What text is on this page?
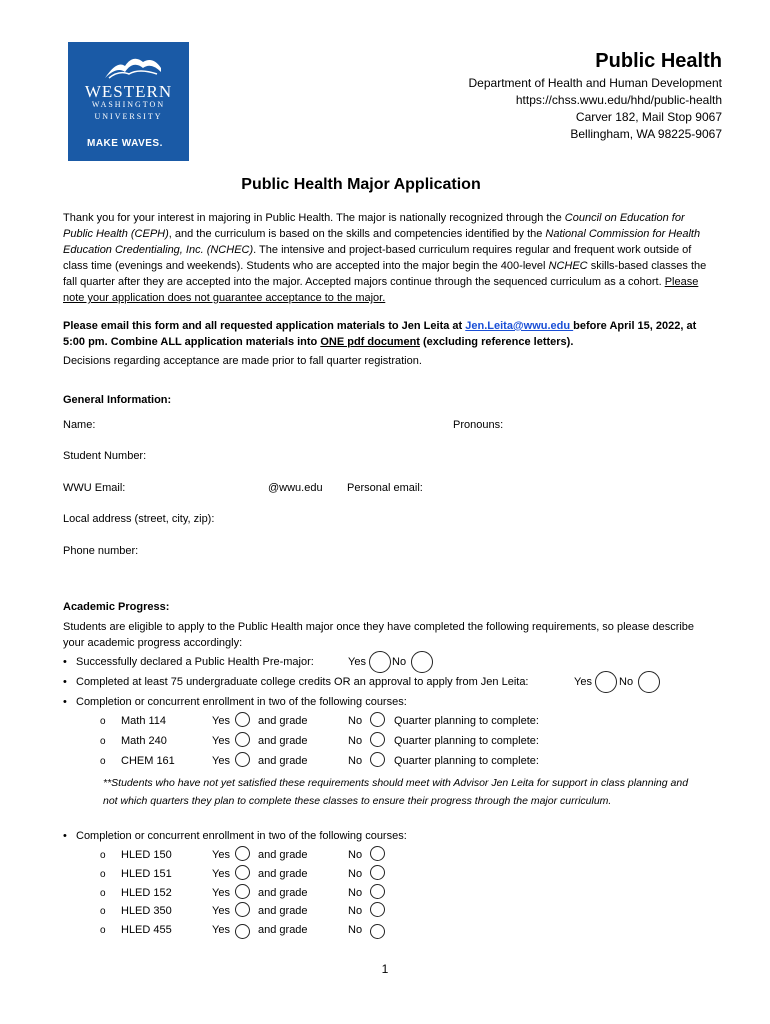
WESTERN
WASHINGTON
UNIVERSITY
MAKE WAVES.
Public Health
Department of Health and Human Development
https://chss.wwu.edu/hhd/public-health
Carver 182, Mail Stop 9067
Bellingham, WA 98225-9067
Public Health Major Application
Thank you for your interest in majoring in Public Health. The major is nationally recognized through the Council on Education for Public Health (CEPH), and the curriculum is based on the skills and competencies identified by the National Commission for Health Education Credentialing, Inc. (NCHEC). The intensive and project-based curriculum requires regular and frequent work outside of class time (evenings and weekends). Students who are accepted into the major begin the 400-level NCHEC skills-based classes the fall quarter after they are accepted into the major. Accepted majors continue through the sequenced curriculum as a cohort. Please note your application does not guarantee acceptance to the major.
Please email this form and all requested application materials to Jen Leita at Jen.Leita@wwu.edu before April 15, 2022, at 5:00 pm. Combine ALL application materials into ONE pdf document (excluding reference letters).
Decisions regarding acceptance are made prior to fall quarter registration.
General Information:
Name:	Pronouns:
Student Number:
WWU Email:	@wwu.edu Personal email:
Local address (street, city, zip):
Phone number:
Academic Progress:
Students are eligible to apply to the Public Health major once they have completed the following requirements, so please describe your academic progress accordingly:
• Successfully declared a Public Health Pre-major:	Yes No
• Completed at least 75 undergraduate college credits OR an approval to apply from Jen Leita:	Yes No
• Completion or concurrent enrollment in two of the following courses:
o Math 114	Yes	and grade	No	Quarter planning to complete:
o Math 240	Yes	and grade	No	Quarter planning to complete:
o CHEM 161	Yes	and grade	No	Quarter planning to complete:
**Students who have not yet satisfied these requirements should meet with Advisor Jen Leita for support in class planning and not which quarters they plan to complete these classes to ensure their progress through the major curriculum.
• Completion or concurrent enrollment in two of the following courses:
o HLED 150	Yes	and grade	No
o HLED 151	Yes	and grade	No
o HLED 152	Yes	and grade	No
o HLED 350	Yes	and grade	No
o HLED 455	Yes	and grade	No
1
